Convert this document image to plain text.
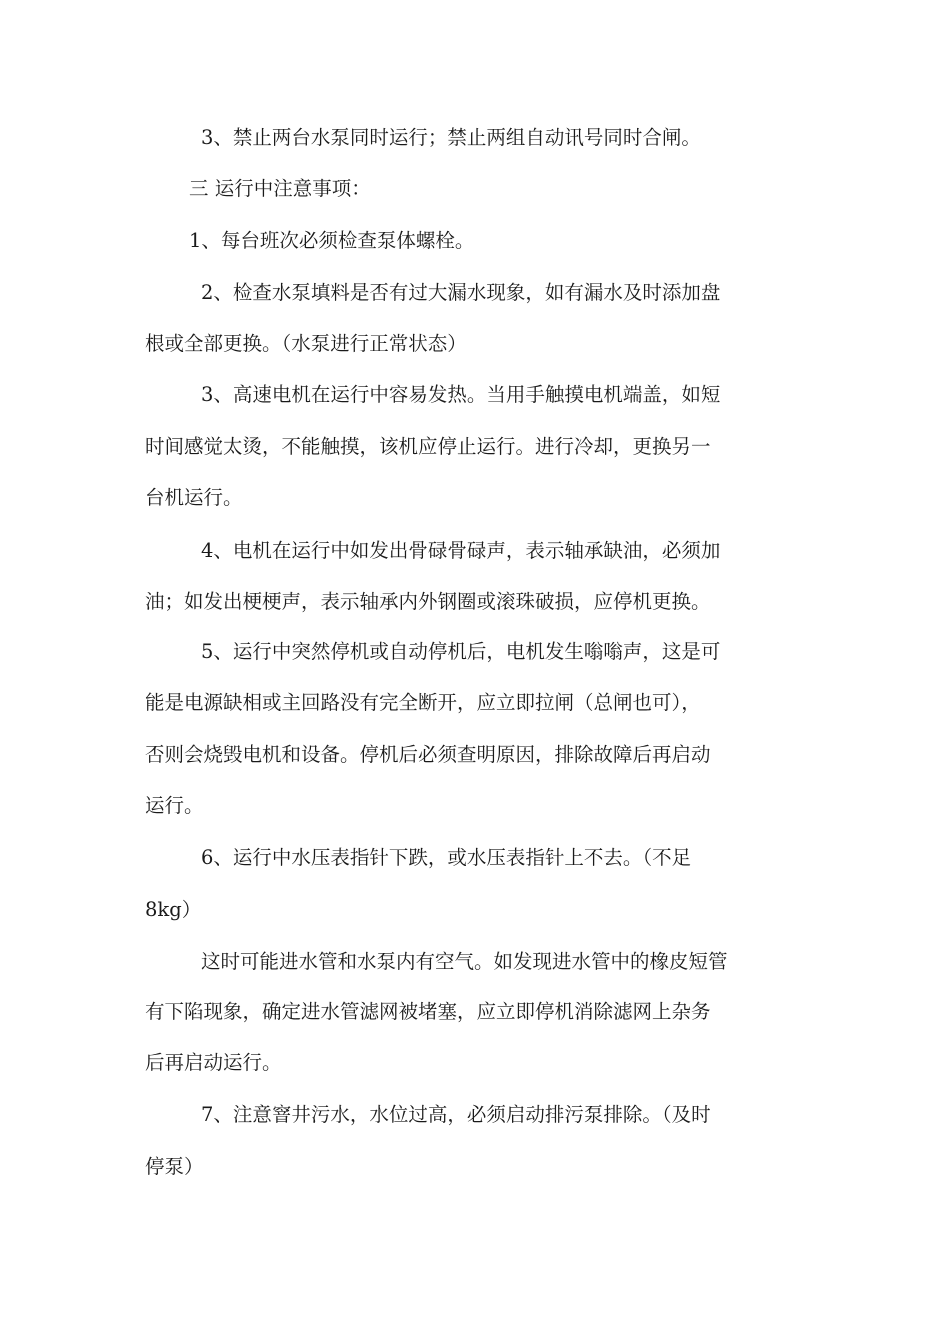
3、禁止两台水泵同时运行；禁止两组自动讯号同时合闸。
三 运行中注意事项：
1、每台班次必须检查泵体螺栓。
2、检查水泵填料是否有过大漏水现象，如有漏水及时添加盘
根或全部更换。（水泵进行正常状态）
3、高速电机在运行中容易发热。当用手触摸电机端盖，如短
时间感觉太烫，不能触摸，该机应停止运行。进行冷却，更换另一
台机运行。
4、电机在运行中如发出骨碌骨碌声，表示轴承缺油，必须加
油；如发出梗梗声，表示轴承内外钢圈或滚珠破损，应停机更换。
5、运行中突然停机或自动停机后，电机发生嗡嗡声，这是可
能是电源缺相或主回路没有完全断开，应立即拉闸（总闸也可），
否则会烧毁电机和设备。停机后必须查明原因，排除故障后再启动
运行。
6、运行中水压表指针下跌，或水压表指针上不去。（不足
8kg）
这时可能进水管和水泵内有空气。如发现进水管中的橡皮短管
有下陷现象，确定进水管滤网被堵塞，应立即停机消除滤网上杂务
后再启动运行。
7、注意窨井污水，水位过高，必须启动排污泵排除。（及时
停泵）
